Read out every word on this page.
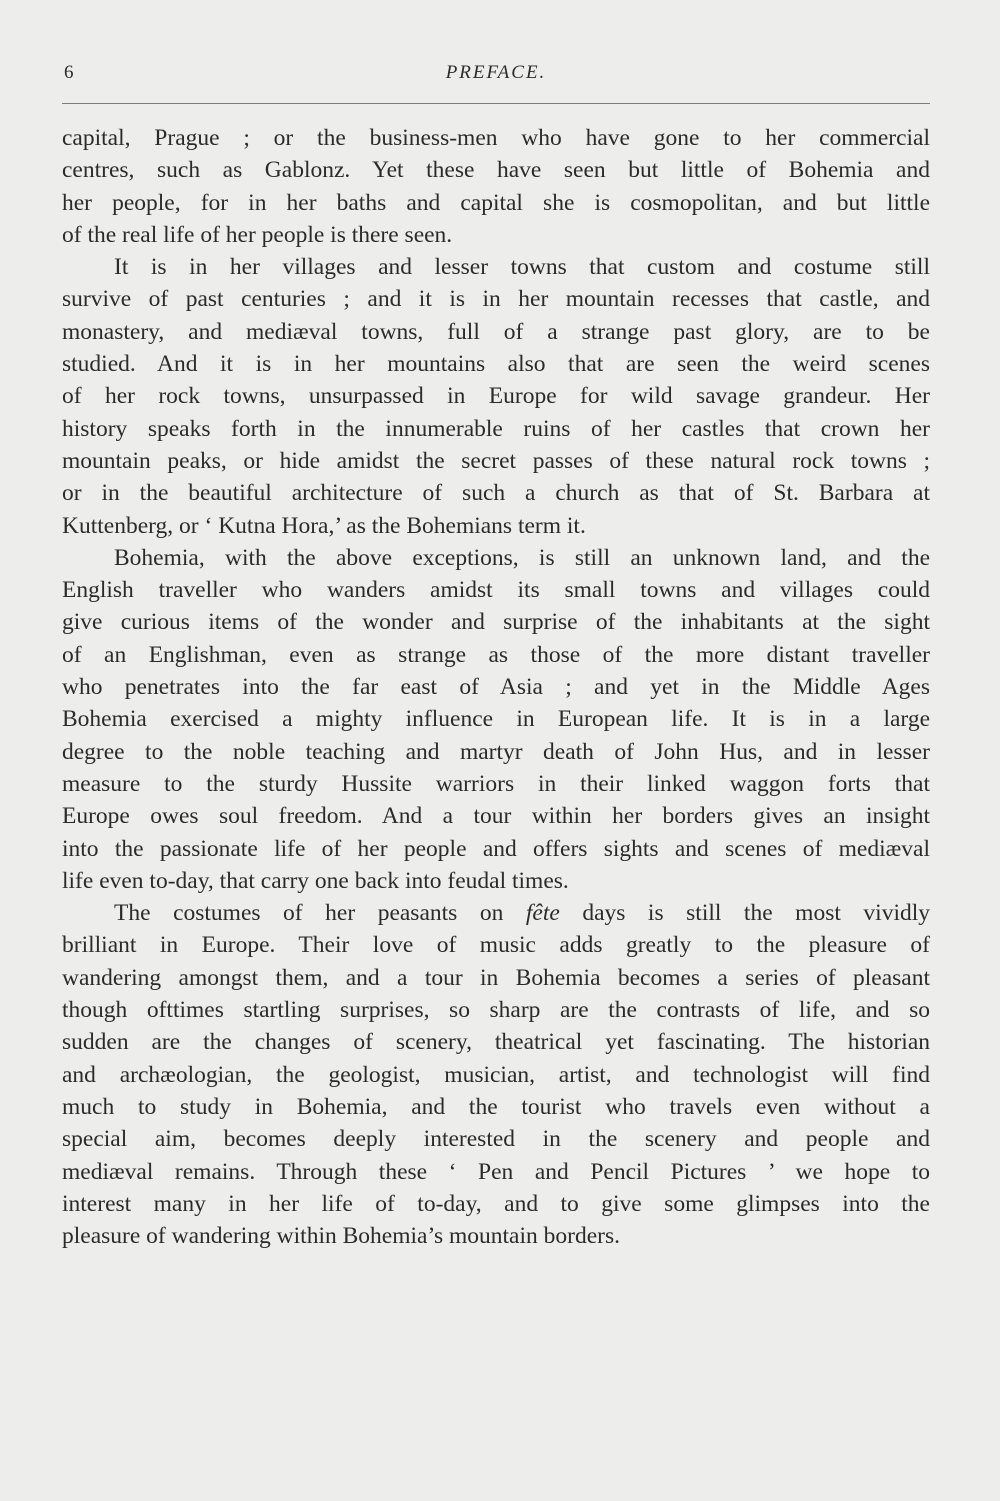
6	PREFACE.

capital, Prague ; or the business-men who have gone to her commercial
centres, such as Gablonz. Yet these have seen but little of Bohemia and
her people, for in her baths and capital she is cosmopolitan, and but little
of the real life of her people is there seen.

It is in her villages and lesser towns that custom and costume still
survive of past centuries ; and it is in her mountain recesses that castle, and
monastery, and mediæval towns, full of a strange past glory, are to be
studied. And it is in her mountains also that are seen the weird scenes
of her rock towns, unsurpassed in Europe for wild savage grandeur. Her
history speaks forth in the innumerable ruins of her castles that crown her
mountain peaks, or hide amidst the secret passes of these natural rock towns ;
or in the beautiful architecture of such a church as that of St. Barbara at
Kuttenberg, or ‘ Kutna Hora,’ as the Bohemians term it.

Bohemia, with the above exceptions, is still an unknown land, and the
English traveller who wanders amidst its small towns and villages could
give curious items of the wonder and surprise of the inhabitants at the sight
of an Englishman, even as strange as those of the more distant traveller
who penetrates into the far east of Asia ; and yet in the Middle Ages
Bohemia exercised a mighty influence in European life. It is in a large
degree to the noble teaching and martyr death of John Hus, and in lesser
measure to the sturdy Hussite warriors in their linked waggon forts that
Europe owes soul freedom. And a tour within her borders gives an insight
into the passionate life of her people and offers sights and scenes of mediæval
life even to-day, that carry one back into feudal times.

The costumes of her peasants on fête days is still the most vividly
brilliant in Europe. Their love of music adds greatly to the pleasure of
wandering amongst them, and a tour in Bohemia becomes a series of pleasant
though ofttimes startling surprises, so sharp are the contrasts of life, and so
sudden are the changes of scenery, theatrical yet fascinating. The historian
and archæologian, the geologist, musician, artist, and technologist will find
much to study in Bohemia, and the tourist who travels even without a
special aim, becomes deeply interested in the scenery and people and
mediæval remains. Through these ‘ Pen and Pencil Pictures ’ we hope to
interest many in her life of to-day, and to give some glimpses into the
pleasure of wandering within Bohemia’s mountain borders.
